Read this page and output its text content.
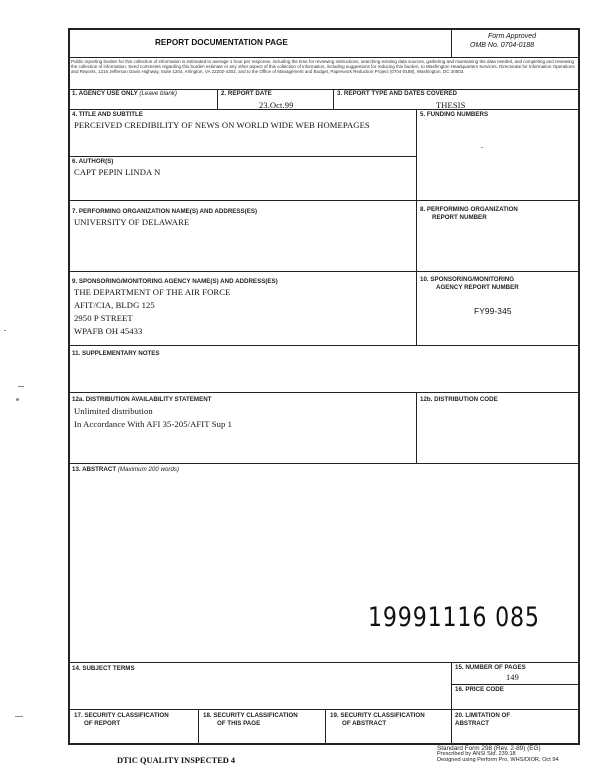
REPORT DOCUMENTATION PAGE
Form Approved
OMB No. 0704-0188
Public reporting burden for this collection of information is estimated to average 1 hour per response, including the time for reviewing instructions, searching existing data sources, gathering and maintaining the data needed, and completing and reviewing the collection of information. Send comments regarding this burden estimate or any other aspect of this collection of information, including suggestions for reducing this burden, to Washington Headquarters Services, Directorate for Information Operations and Reports, 1215 Jefferson Davis Highway, Suite 1204, Arlington, VA 22202-4302, and to the Office of Management and Budget, Paperwork Reduction Project (0704-0188), Washington, DC 20503.
1. AGENCY USE ONLY (Leave blank)	2. REPORT DATE
23.Oct.99
3. REPORT TYPE AND DATES COVERED
THESIS
4. TITLE AND SUBTITLE
PERCEIVED CREDIBILITY OF NEWS ON WORLD WIDE WEB HOMEPAGES
5. FUNDING NUMBERS
6. AUTHOR(S)
CAPT PEPIN LINDA N
7. PERFORMING ORGANIZATION NAME(S) AND ADDRESS(ES)
UNIVERSITY OF DELAWARE
8. PERFORMING ORGANIZATION
REPORT NUMBER
9. SPONSORING/MONITORING AGENCY NAME(S) AND ADDRESS(ES)
THE DEPARTMENT OF THE AIR FORCE
AFIT/CIA, BLDG 125
2950 P STREET
WPAFB OH 45433
10. SPONSORING/MONITORING
AGENCY REPORT NUMBER
FY99-345
11. SUPPLEMENTARY NOTES
12a. DISTRIBUTION AVAILABILITY STATEMENT
Unlimited distribution
In Accordance With AFI 35-205/AFIT Sup 1
12b. DISTRIBUTION CODE
13. ABSTRACT (Maximum 200 words)
19991116 085
14. SUBJECT TERMS	15. NUMBER OF PAGES
149
16. PRICE CODE
17. SECURITY CLASSIFICATION
OF REPORT
18. SECURITY CLASSIFICATION
OF THIS PAGE
19. SECURITY CLASSIFICATION
OF ABSTRACT
20. LIMITATION OF
ABSTRACT
DTIC QUALITY INSPECTED 4
Standard Form 298 (Rev. 2-89) (EG)
Prescribed by ANSI Std. 239.18
Designed using Perform Pro, WHS/DIOR, Oct 94
